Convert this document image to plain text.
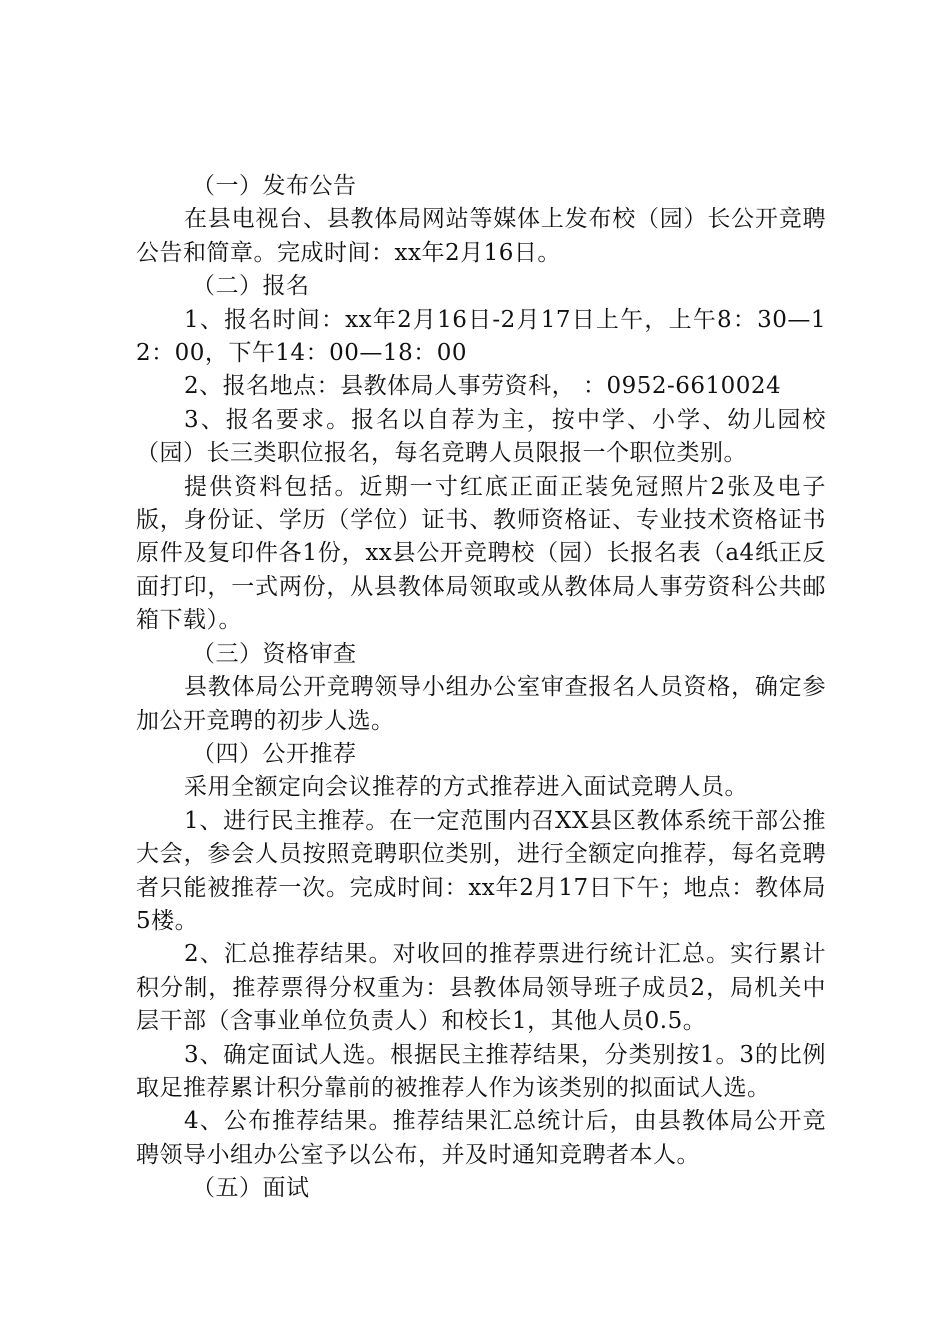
（一）发布公告

在县电视台、县教体局网站等媒体上发布校（园）长公开竞聘公告和简章。完成时间：xx年2月16日。

（二）报名

1、报名时间：xx年2月16日-2月17日上午，上午8：30—12：00，下午14：00—18：00

2、报名地点：县教体局人事劳资科， ：0952-6610024

3、报名要求。报名以自荐为主，按中学、小学、幼儿园校（园）长三类职位报名，每名竞聘人员限报一个职位类别。

提供资料包括。近期一寸红底正面正装免冠照片2张及电子版，身份证、学历（学位）证书、教师资格证、专业技术资格证书原件及复印件各1份，xx县公开竞聘校（园）长报名表（a4纸正反面打印，一式两份，从县教体局领取或从教体局人事劳资科公共邮箱下载）。

（三）资格审查

县教体局公开竞聘领导小组办公室审查报名人员资格，确定参加公开竞聘的初步人选。

（四）公开推荐

采用全额定向会议推荐的方式推荐进入面试竞聘人员。

1、进行民主推荐。在一定范围内召XX县区教体系统干部公推大会，参会人员按照竞聘职位类别，进行全额定向推荐，每名竞聘者只能被推荐一次。完成时间：xx年2月17日下午；地点：教体局5楼。

2、汇总推荐结果。对收回的推荐票进行统计汇总。实行累计积分制，推荐票得分权重为：县教体局领导班子成员2，局机关中层干部（含事业单位负责人）和校长1，其他人员0.5。

3、确定面试人选。根据民主推荐结果，分类别按1。3的比例取足推荐累计积分靠前的被推荐人作为该类别的拟面试人选。

4、公布推荐结果。推荐结果汇总统计后，由县教体局公开竞聘领导小组办公室予以公布，并及时通知竞聘者本人。

（五）面试
